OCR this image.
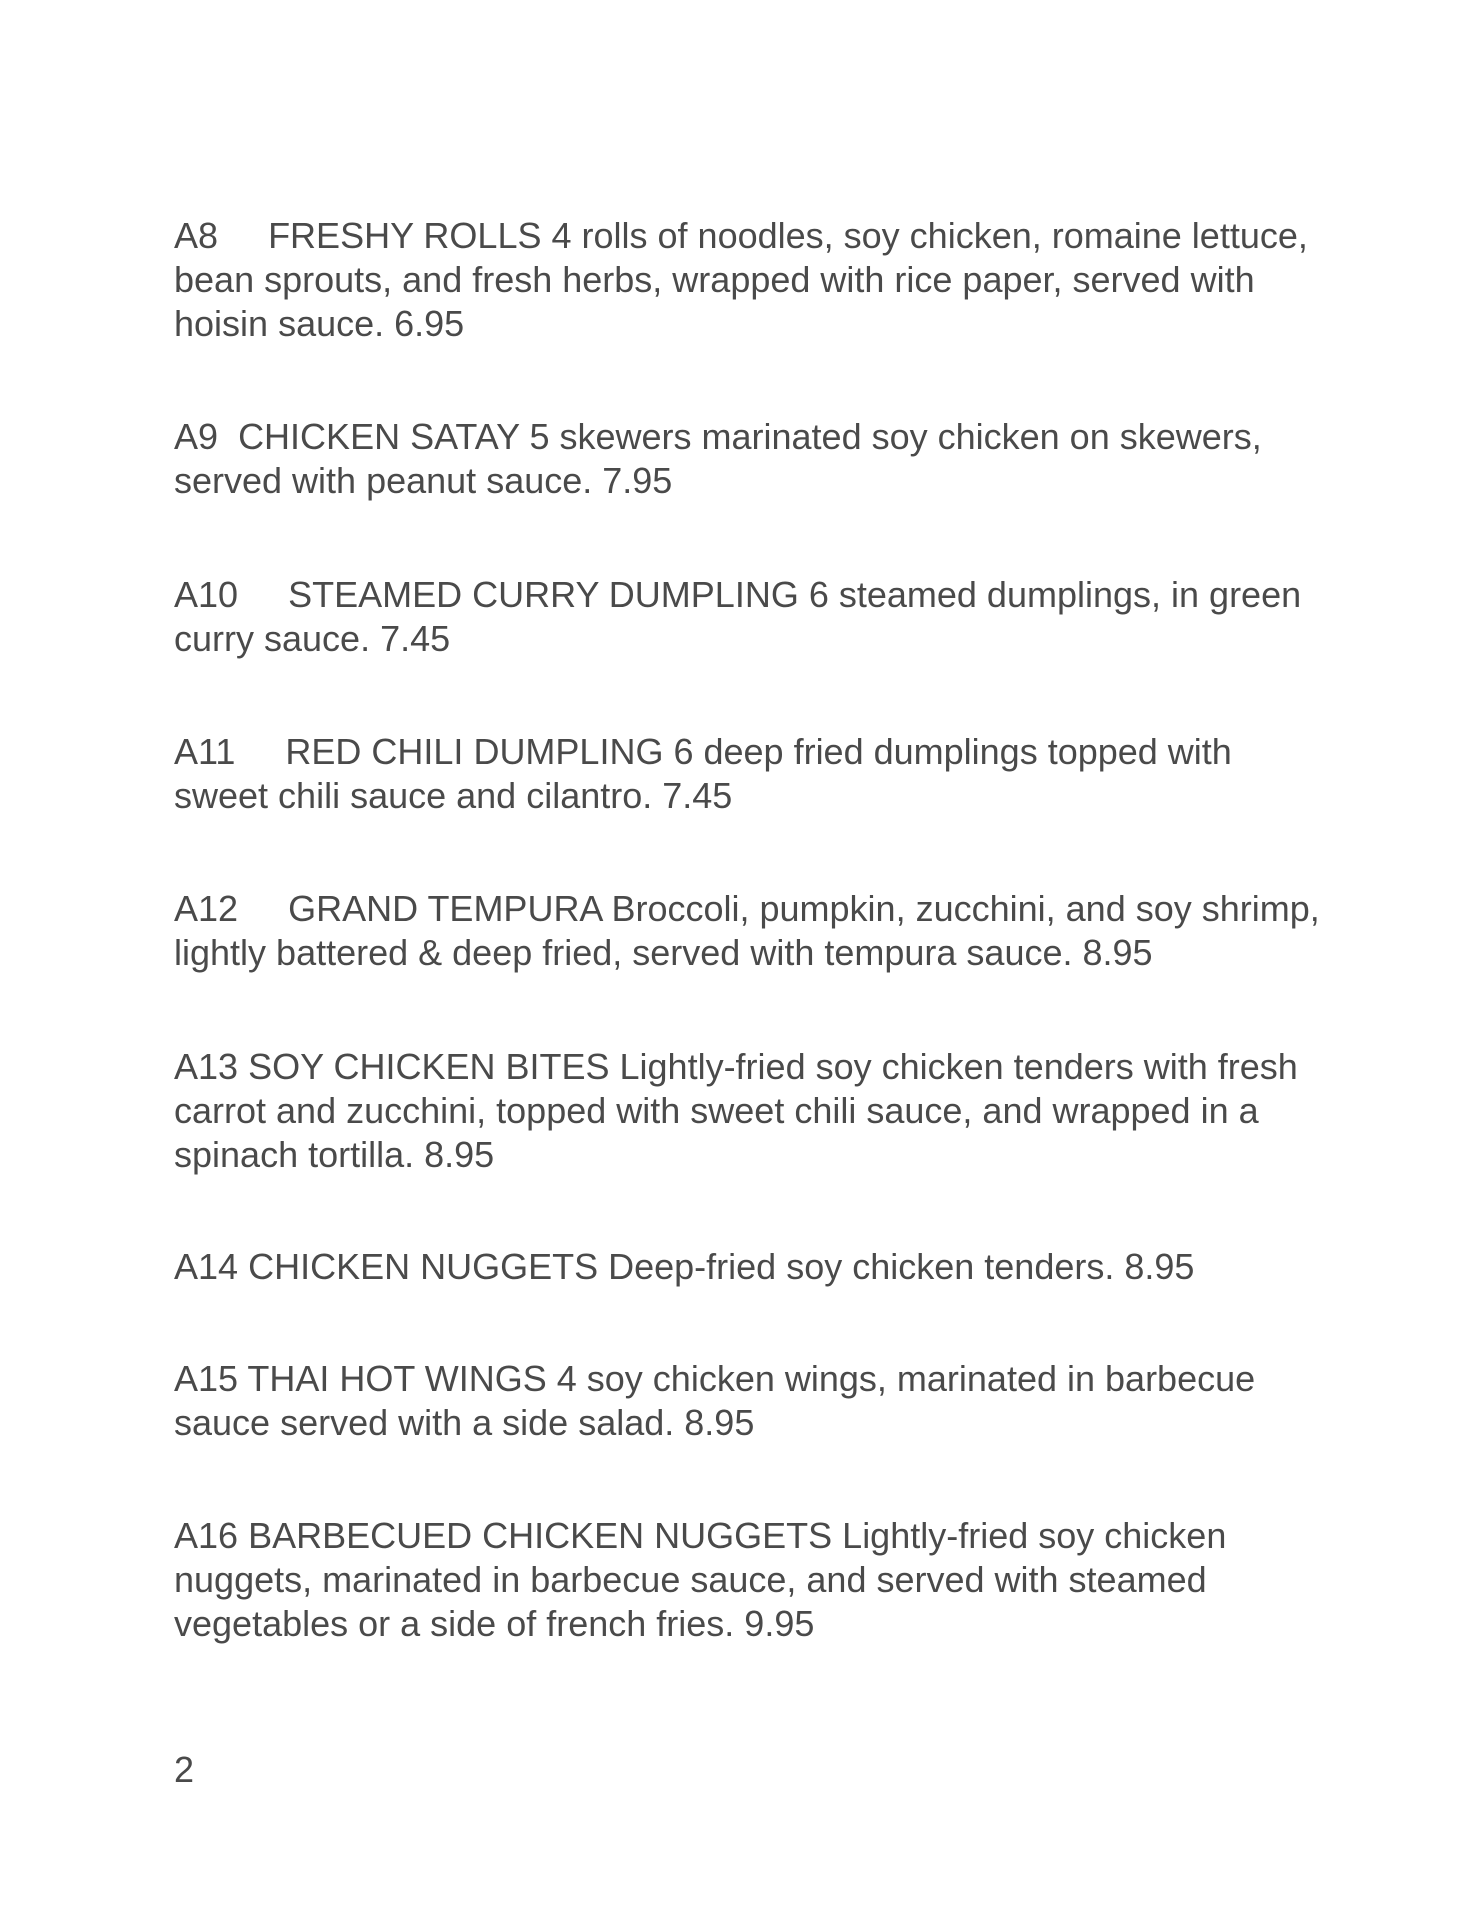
A8 FRESHY ROLLS 4 rolls of noodles, soy chicken, romaine lettuce, bean sprouts, and fresh herbs, wrapped with rice paper, served with hoisin sauce. 6.95

A9 CHICKEN SATAY 5 skewers marinated soy chicken on skewers, served with peanut sauce. 7.95

A10 STEAMED CURRY DUMPLING 6 steamed dumplings, in green curry sauce. 7.45

A11 RED CHILI DUMPLING 6 deep fried dumplings topped with sweet chili sauce and cilantro. 7.45

A12 GRAND TEMPURA Broccoli, pumpkin, zucchini, and soy shrimp, lightly battered & deep fried, served with tempura sauce. 8.95

A13 SOY CHICKEN BITES Lightly-fried soy chicken tenders with fresh carrot and zucchini, topped with sweet chili sauce, and wrapped in a spinach tortilla. 8.95

A14 CHICKEN NUGGETS Deep-fried soy chicken tenders. 8.95

A15 THAI HOT WINGS 4 soy chicken wings, marinated in barbecue sauce served with a side salad. 8.95

A16 BARBECUED CHICKEN NUGGETS Lightly-fried soy chicken nuggets, marinated in barbecue sauce, and served with steamed vegetables or a side of french fries. 9.95

2
